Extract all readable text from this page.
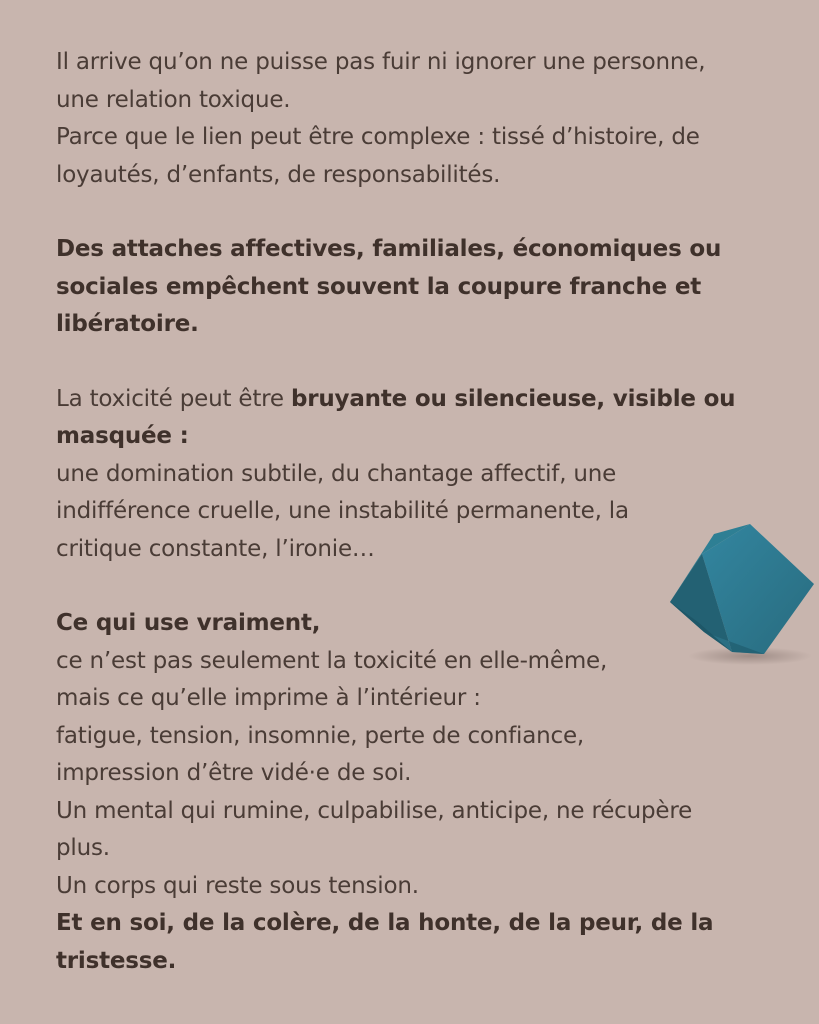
Il arrive qu’on ne puisse pas fuir ni ignorer une personne,
une relation toxique.
Parce que le lien peut être complexe : tissé d’histoire, de
loyautés, d’enfants, de responsabilités.

Des attaches affectives, familiales, économiques ou
sociales empêchent souvent la coupure franche et
libératoire.

La toxicité peut être bruyante ou silencieuse, visible ou
masquée :
une domination subtile, du chantage affectif, une
indifférence cruelle, une instabilité permanente, la
critique constante, l’ironie…

Ce qui use vraiment,
ce n’est pas seulement la toxicité en elle-même,
mais ce qu’elle imprime à l’intérieur :
fatigue, tension, insomnie, perte de confiance,
impression d’être vidé·e de soi.
Un mental qui rumine, culpabilise, anticipe, ne récupère
plus.
Un corps qui reste sous tension.
Et en soi, de la colère, de la honte, de la peur, de la
tristesse.
